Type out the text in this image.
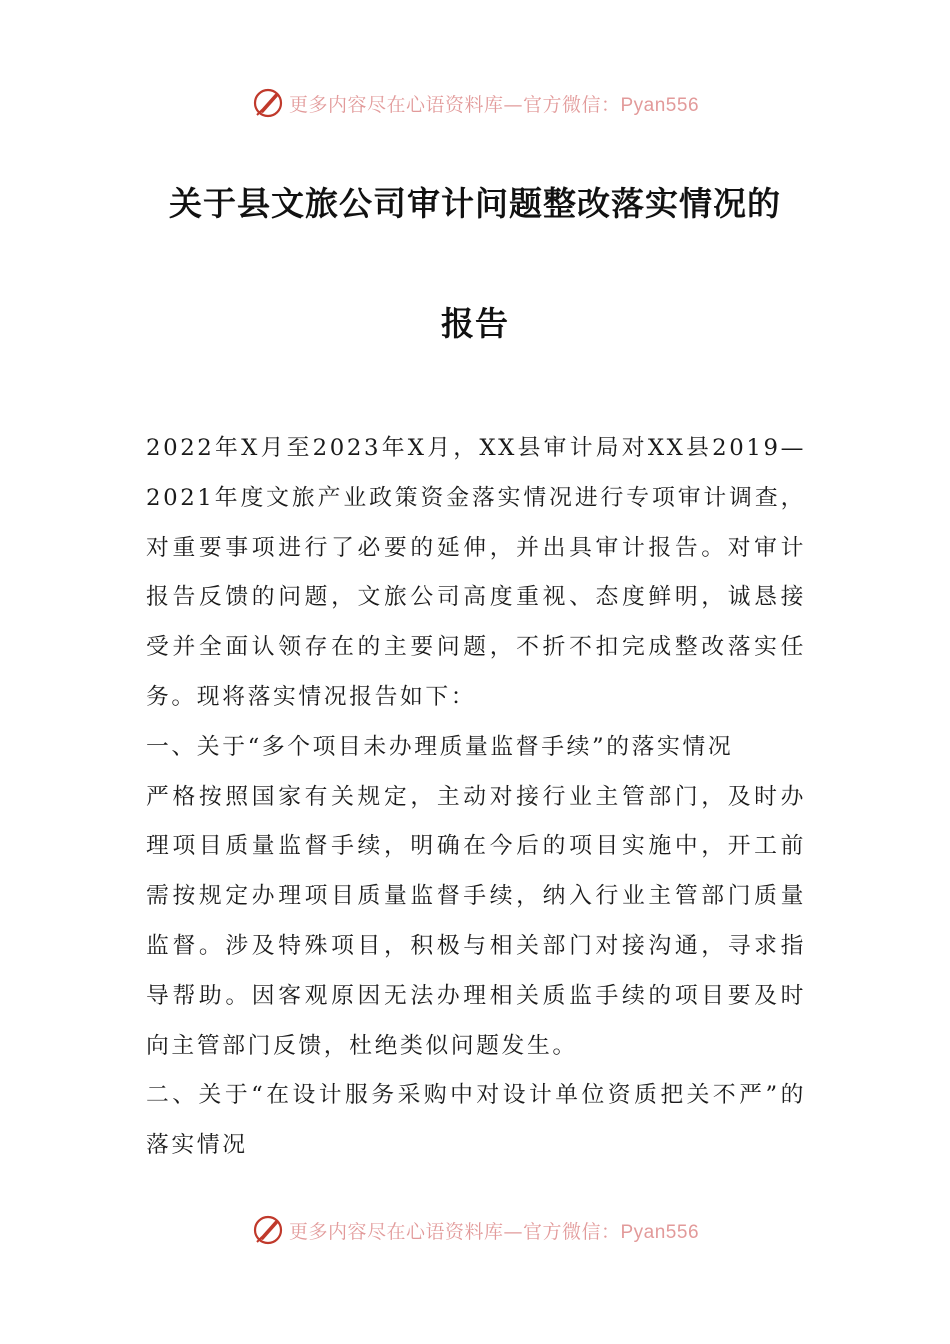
更多内容尽在心语资料库—官方微信：Pyan556
关于县文旅公司审计问题整改落实情况的
报告

2022年X月至2023年X月，XX县审计局对XX县2019—2021年度文旅产业政策资金落实情况进行专项审计调查，对重要事项进行了必要的延伸，并出具审计报告。对审计报告反馈的问题，文旅公司高度重视、态度鲜明，诚恳接受并全面认领存在的主要问题，不折不扣完成整改落实任务。现将落实情况报告如下：

一、关于“多个项目未办理质量监督手续”的落实情况

严格按照国家有关规定，主动对接行业主管部门，及时办理项目质量监督手续，明确在今后的项目实施中，开工前需按规定办理项目质量监督手续，纳入行业主管部门质量监督。涉及特殊项目，积极与相关部门对接沟通，寻求指导帮助。因客观原因无法办理相关质监手续的项目要及时向主管部门反馈，杜绝类似问题发生。

二、关于“在设计服务采购中对设计单位资质把关不严”的落实情况

更多内容尽在心语资料库—官方微信：Pyan556
